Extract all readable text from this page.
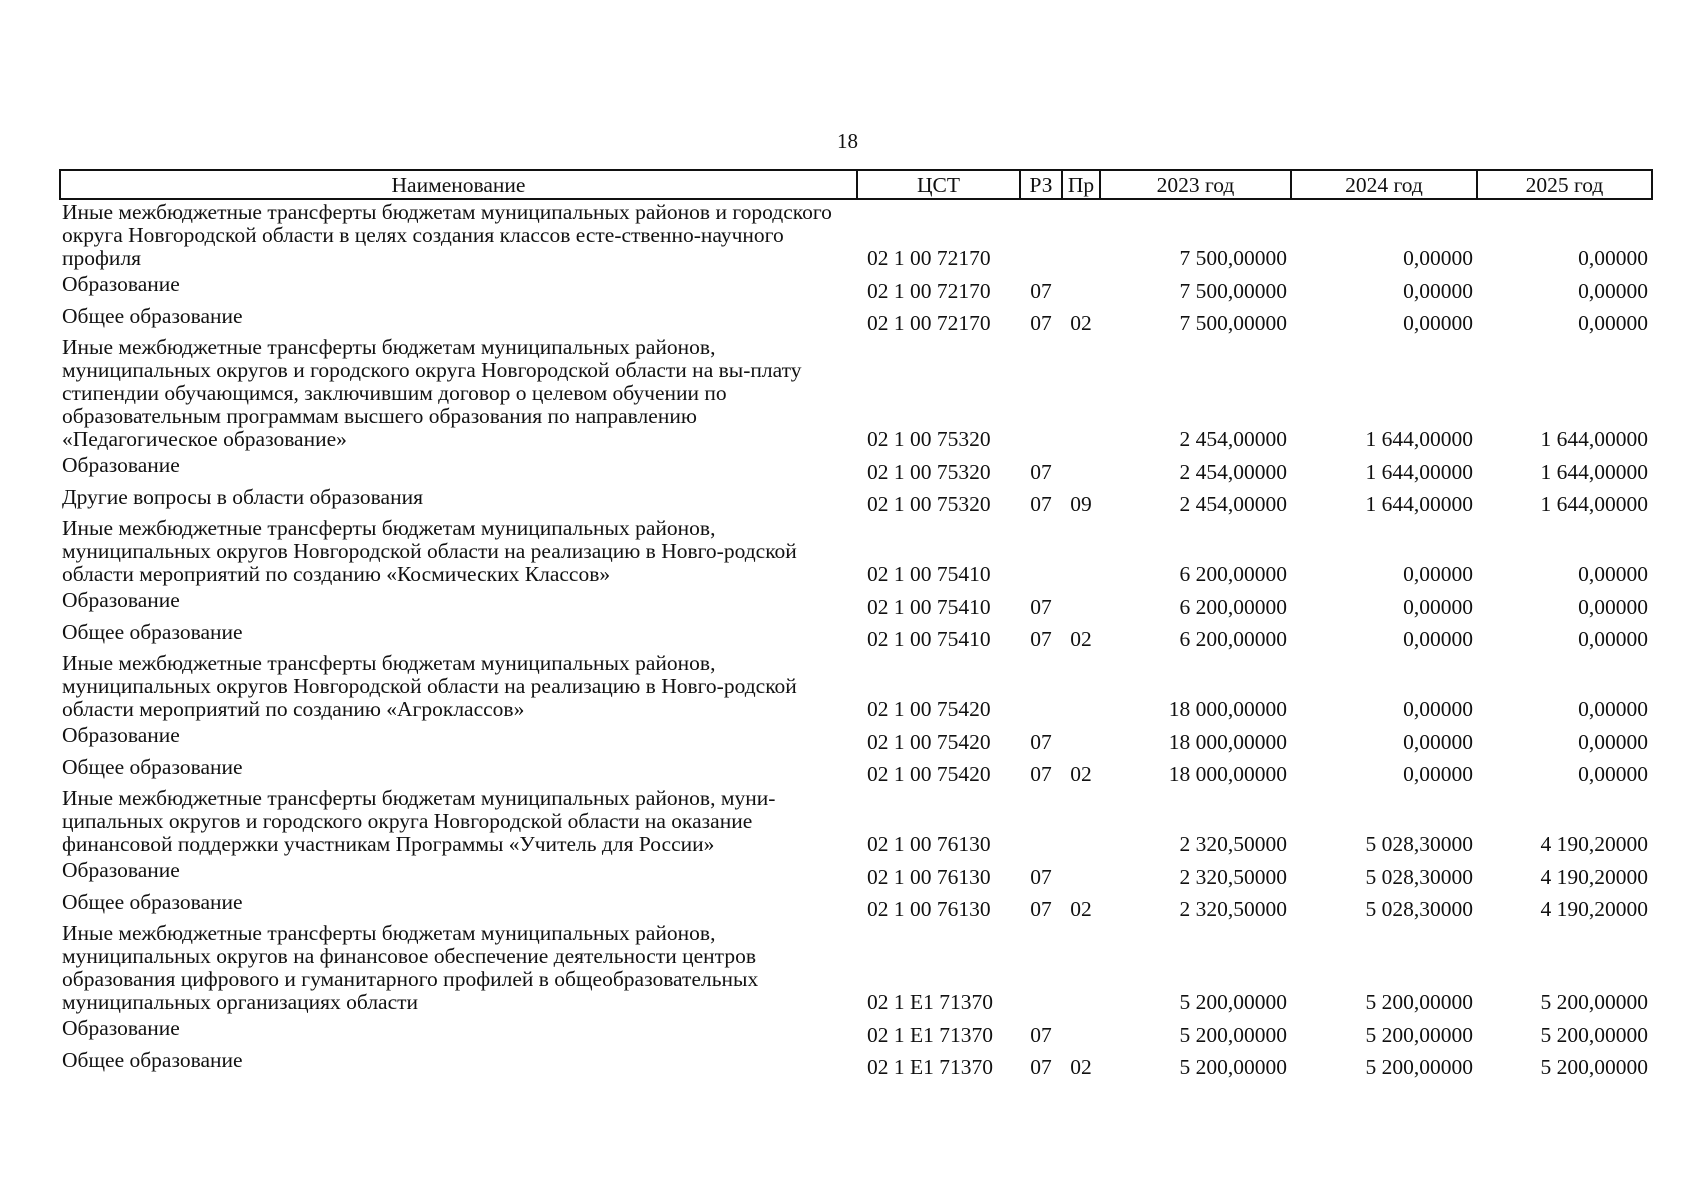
18
Наименование	ЦСТ	РЗ	Пр	2023 год	2024 год	2025 год
Иные межбюджетные трансферты бюджетам муниципальных районов и городского округа Новгородской области в целях создания классов есте-ственно-научного профиля	02 1 00 72170			7 500,00000	0,00000	0,00000
Образование	02 1 00 72170	07		7 500,00000	0,00000	0,00000
Общее образование	02 1 00 72170	07	02	7 500,00000	0,00000	0,00000
Иные межбюджетные трансферты бюджетам муниципальных районов, муниципальных округов и городского округа Новгородской области на вы-плату стипендии обучающимся, заключившим договор о целевом обучении по образовательным программам высшего образования по направлению «Педагогическое образование»	02 1 00 75320			2 454,00000	1 644,00000	1 644,00000
Образование	02 1 00 75320	07		2 454,00000	1 644,00000	1 644,00000
Другие вопросы в области образования	02 1 00 75320	07	09	2 454,00000	1 644,00000	1 644,00000
Иные межбюджетные трансферты бюджетам муниципальных районов, муниципальных округов Новгородской области на реализацию в Новго-родской области мероприятий по созданию «Космических Классов»	02 1 00 75410			6 200,00000	0,00000	0,00000
Образование	02 1 00 75410	07		6 200,00000	0,00000	0,00000
Общее образование	02 1 00 75410	07	02	6 200,00000	0,00000	0,00000
Иные межбюджетные трансферты бюджетам муниципальных районов, муниципальных округов Новгородской области на реализацию в Новго-родской области мероприятий по созданию «Агроклассов»	02 1 00 75420			18 000,00000	0,00000	0,00000
Образование	02 1 00 75420	07		18 000,00000	0,00000	0,00000
Общее образование	02 1 00 75420	07	02	18 000,00000	0,00000	0,00000
Иные межбюджетные трансферты бюджетам муниципальных районов, муни-ципальных округов и городского округа Новгородской области на оказание финансовой поддержки участникам Программы «Учитель для России»	02 1 00 76130			2 320,50000	5 028,30000	4 190,20000
Образование	02 1 00 76130	07		2 320,50000	5 028,30000	4 190,20000
Общее образование	02 1 00 76130	07	02	2 320,50000	5 028,30000	4 190,20000
Иные межбюджетные трансферты бюджетам муниципальных районов, муниципальных округов на финансовое обеспечение деятельности центров образования цифрового и гуманитарного профилей в общеобразовательных муниципальных организациях области	02 1 E1 71370			5 200,00000	5 200,00000	5 200,00000
Образование	02 1 E1 71370	07		5 200,00000	5 200,00000	5 200,00000
Общее образование	02 1 E1 71370	07	02	5 200,00000	5 200,00000	5 200,00000
